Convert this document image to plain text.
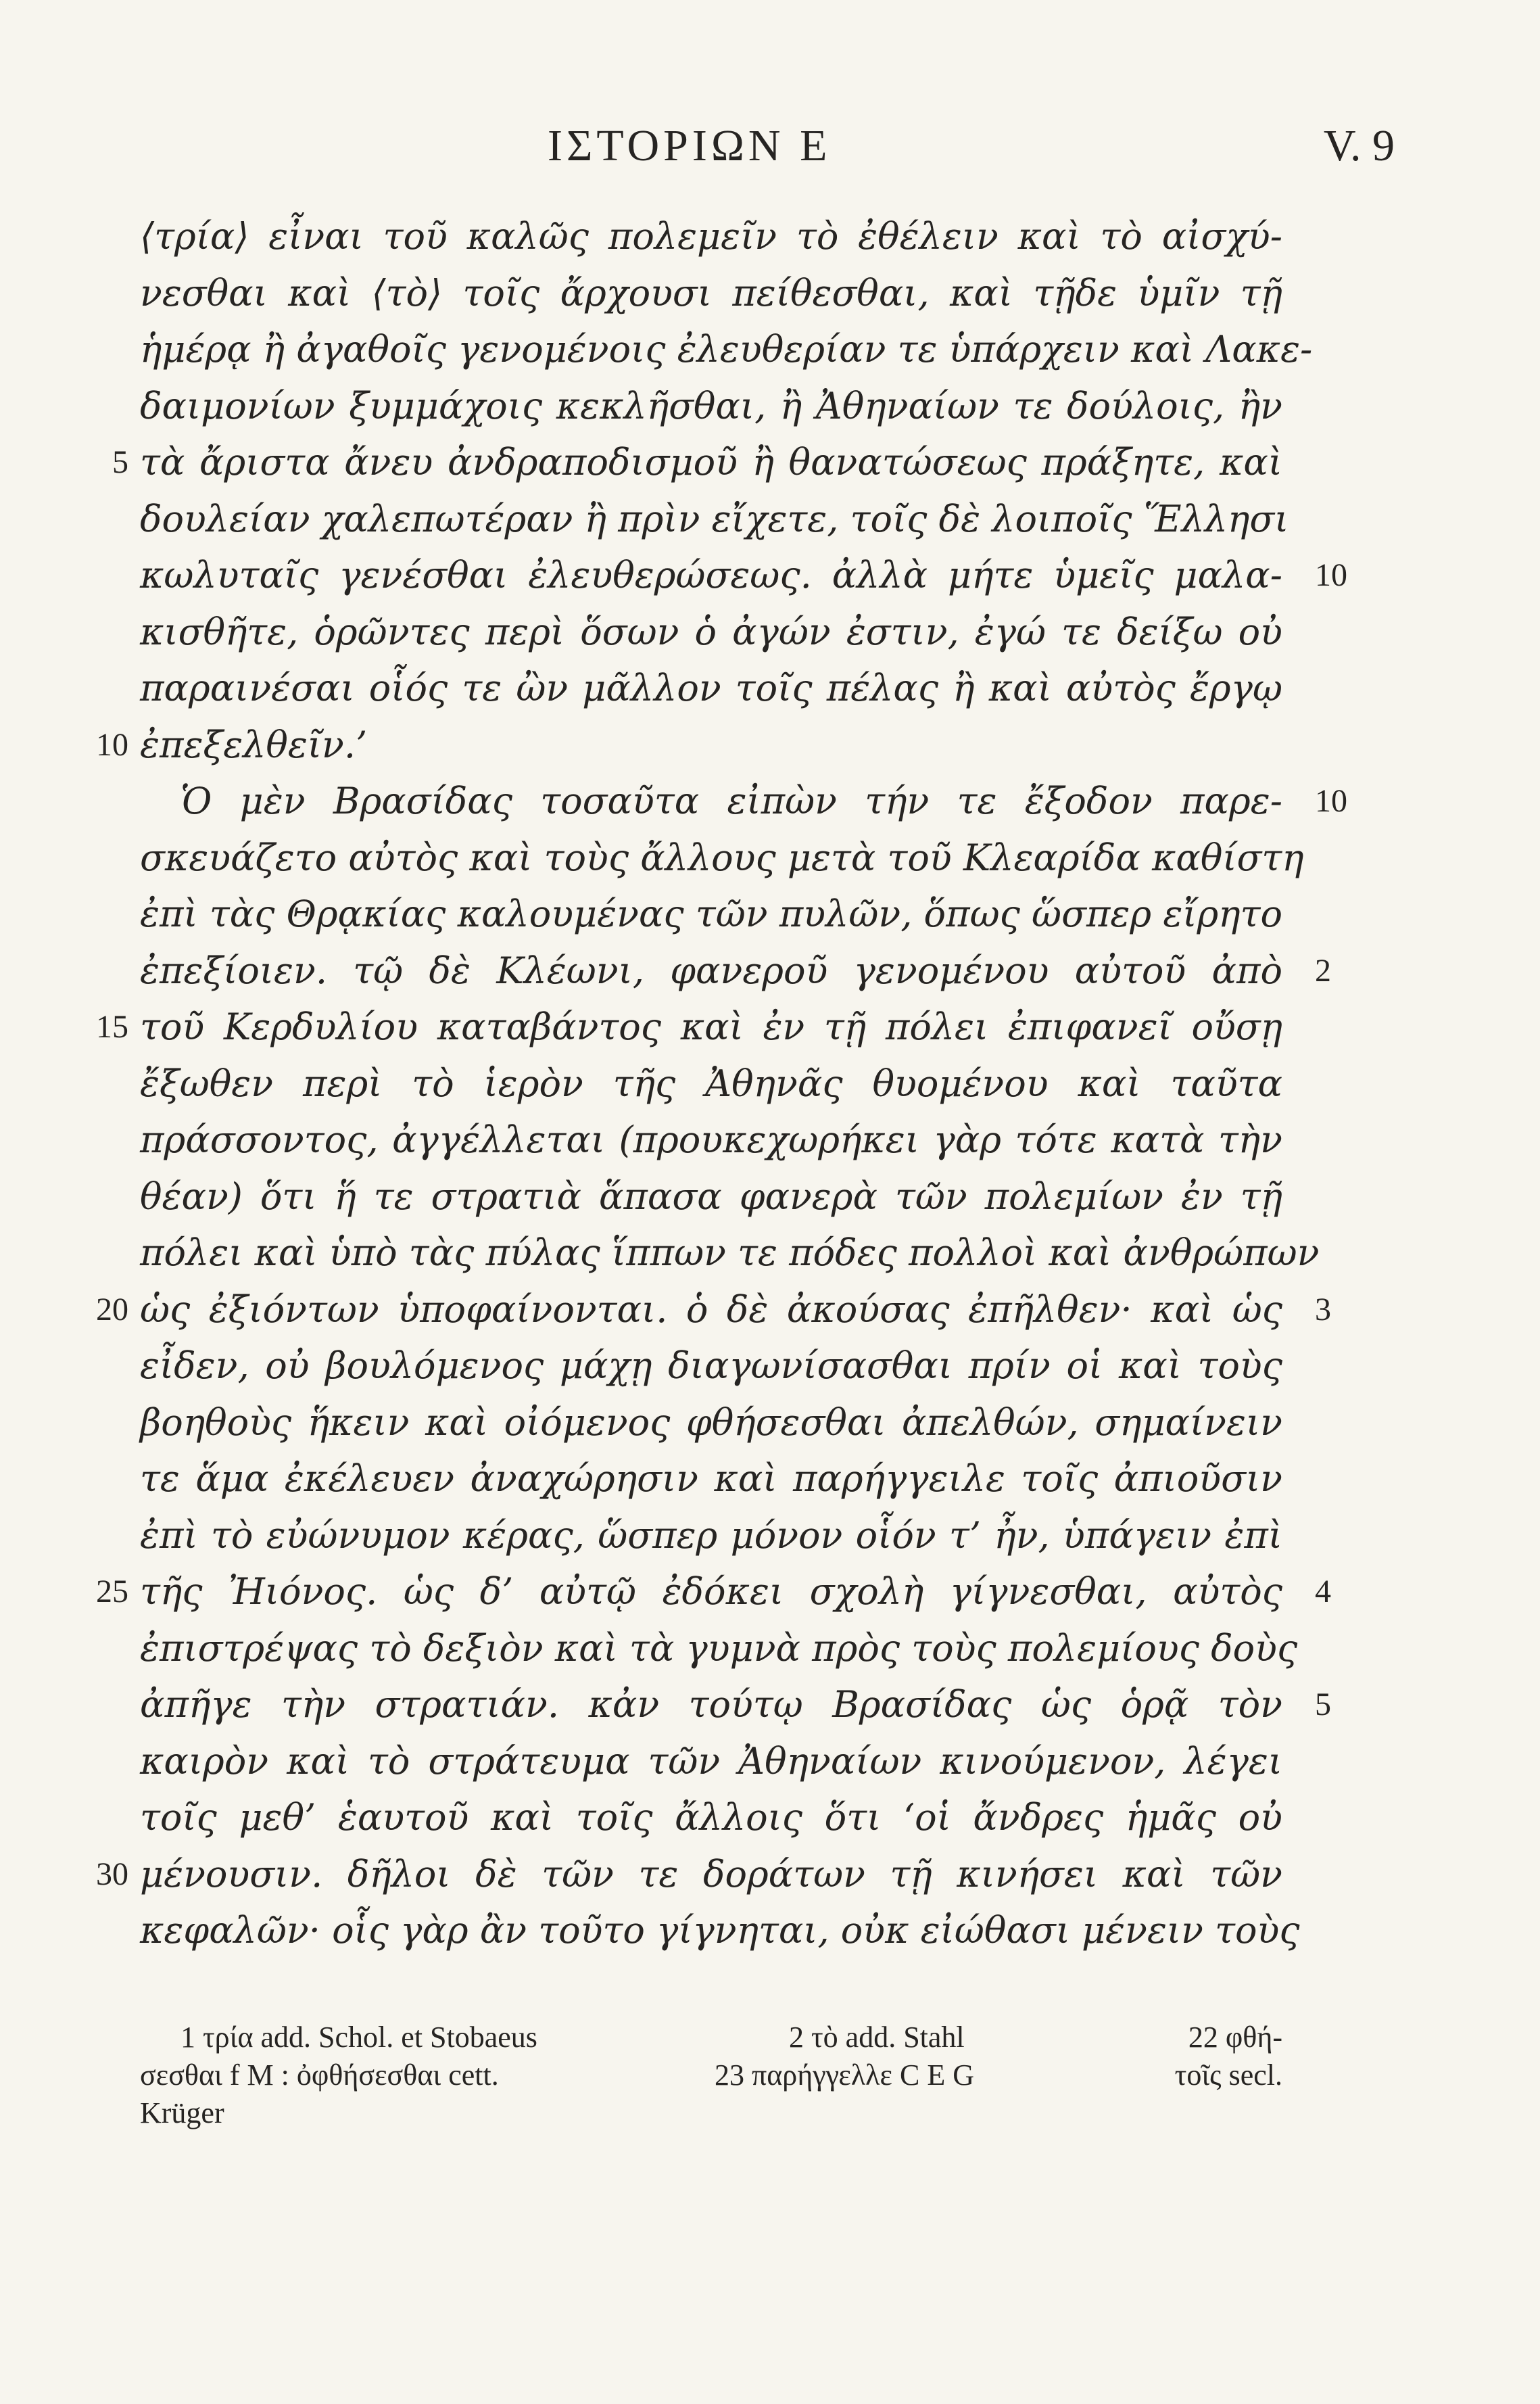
ΙΣΤΟΡΙΩΝ Ε	V. 9
⟨τρία⟩ εἶναι τοῦ καλῶς πολεμεῖν τὸ ἐθέλειν καὶ τὸ αἰσχύ-
νεσθαι καὶ ⟨τὸ⟩ τοῖς ἄρχουσι πείθεσθαι, καὶ τῇδε ὑμῖν τῇ
ἡμέρᾳ ἢ ἀγαθοῖς γενομένοις ἐλευθερίαν τε ὑπάρχειν καὶ Λακε-
δαιμονίων ξυμμάχοις κεκλῆσθαι, ἢ Ἀθηναίων τε δούλοις, ἢν
5 τὰ ἄριστα ἄνευ ἀνδραποδισμοῦ ἢ θανατώσεως πράξητε, καὶ
δουλείαν χαλεπωτέραν ἢ πρὶν εἴχετε, τοῖς δὲ λοιποῖς Ἕλλησι
κωλυταῖς γενέσθαι ἐλευθερώσεως. ἀλλὰ μήτε ὑμεῖς μαλα- 10
κισθῆτε, ὁρῶντες περὶ ὅσων ὁ ἀγών ἐστιν, ἐγώ τε δείξω οὐ
παραινέσαι οἷός τε ὢν μᾶλλον τοῖς πέλας ἢ καὶ αὐτὸς ἔργῳ
10 ἐπεξελθεῖν.’
Ὁ μὲν Βρασίδας τοσαῦτα εἰπὼν τήν τε ἔξοδον παρε- 10
σκευάζετο αὐτὸς καὶ τοὺς ἄλλους μετὰ τοῦ Κλεαρίδα καθίστη
ἐπὶ τὰς Θρᾳκίας καλουμένας τῶν πυλῶν, ὅπως ὥσπερ εἴρητο
ἐπεξίοιεν. τῷ δὲ Κλέωνι, φανεροῦ γενομένου αὐτοῦ ἀπὸ 2
15 τοῦ Κερδυλίου καταβάντος καὶ ἐν τῇ πόλει ἐπιφανεῖ οὔσῃ
ἔξωθεν περὶ τὸ ἱερὸν τῆς Ἀθηνᾶς θυομένου καὶ ταῦτα
πράσσοντος, ἀγγέλλεται (προυκεχωρήκει γὰρ τότε κατὰ τὴν
θέαν) ὅτι ἥ τε στρατιὰ ἅπασα φανερὰ τῶν πολεμίων ἐν τῇ
πόλει καὶ ὑπὸ τὰς πύλας ἵππων τε πόδες πολλοὶ καὶ ἀνθρώπων
20 ὡς ἐξιόντων ὑποφαίνονται. ὁ δὲ ἀκούσας ἐπῆλθεν· καὶ ὡς 3
εἶδεν, οὐ βουλόμενος μάχῃ διαγωνίσασθαι πρίν οἱ καὶ τοὺς
βοηθοὺς ἥκειν καὶ οἰόμενος φθήσεσθαι ἀπελθών, σημαίνειν
τε ἅμα ἐκέλευεν ἀναχώρησιν καὶ παρήγγειλε τοῖς ἀπιοῦσιν
ἐπὶ τὸ εὐώνυμον κέρας, ὥσπερ μόνον οἷόν τ’ ἦν, ὑπάγειν ἐπὶ
25 τῆς Ἠιόνος. ὡς δ’ αὐτῷ ἐδόκει σχολὴ γίγνεσθαι, αὐτὸς 4
ἐπιστρέψας τὸ δεξιὸν καὶ τὰ γυμνὰ πρὸς τοὺς πολεμίους δοὺς
ἀπῆγε τὴν στρατιάν. κἀν τούτῳ Βρασίδας ὡς ὁρᾷ τὸν 5
καιρὸν καὶ τὸ στράτευμα τῶν Ἀθηναίων κινούμενον, λέγει
τοῖς μεθ’ ἑαυτοῦ καὶ τοῖς ἄλλοις ὅτι ‘οἱ ἄνδρες ἡμᾶς οὐ
30 μένουσιν. δῆλοι δὲ τῶν τε δοράτων τῇ κινήσει καὶ τῶν
κεφαλῶν· οἷς γὰρ ἂν τοῦτο γίγνηται, οὐκ εἰώθασι μένειν τοὺς
1 τρία add. Schol. et Stobaeus	2 τὸ add. Stahl	22 φθή-
σεσθαι f M : ὀφθήσεσθαι cett.	23 παρήγγελλε C E G	τοῖς secl.
Krüger
